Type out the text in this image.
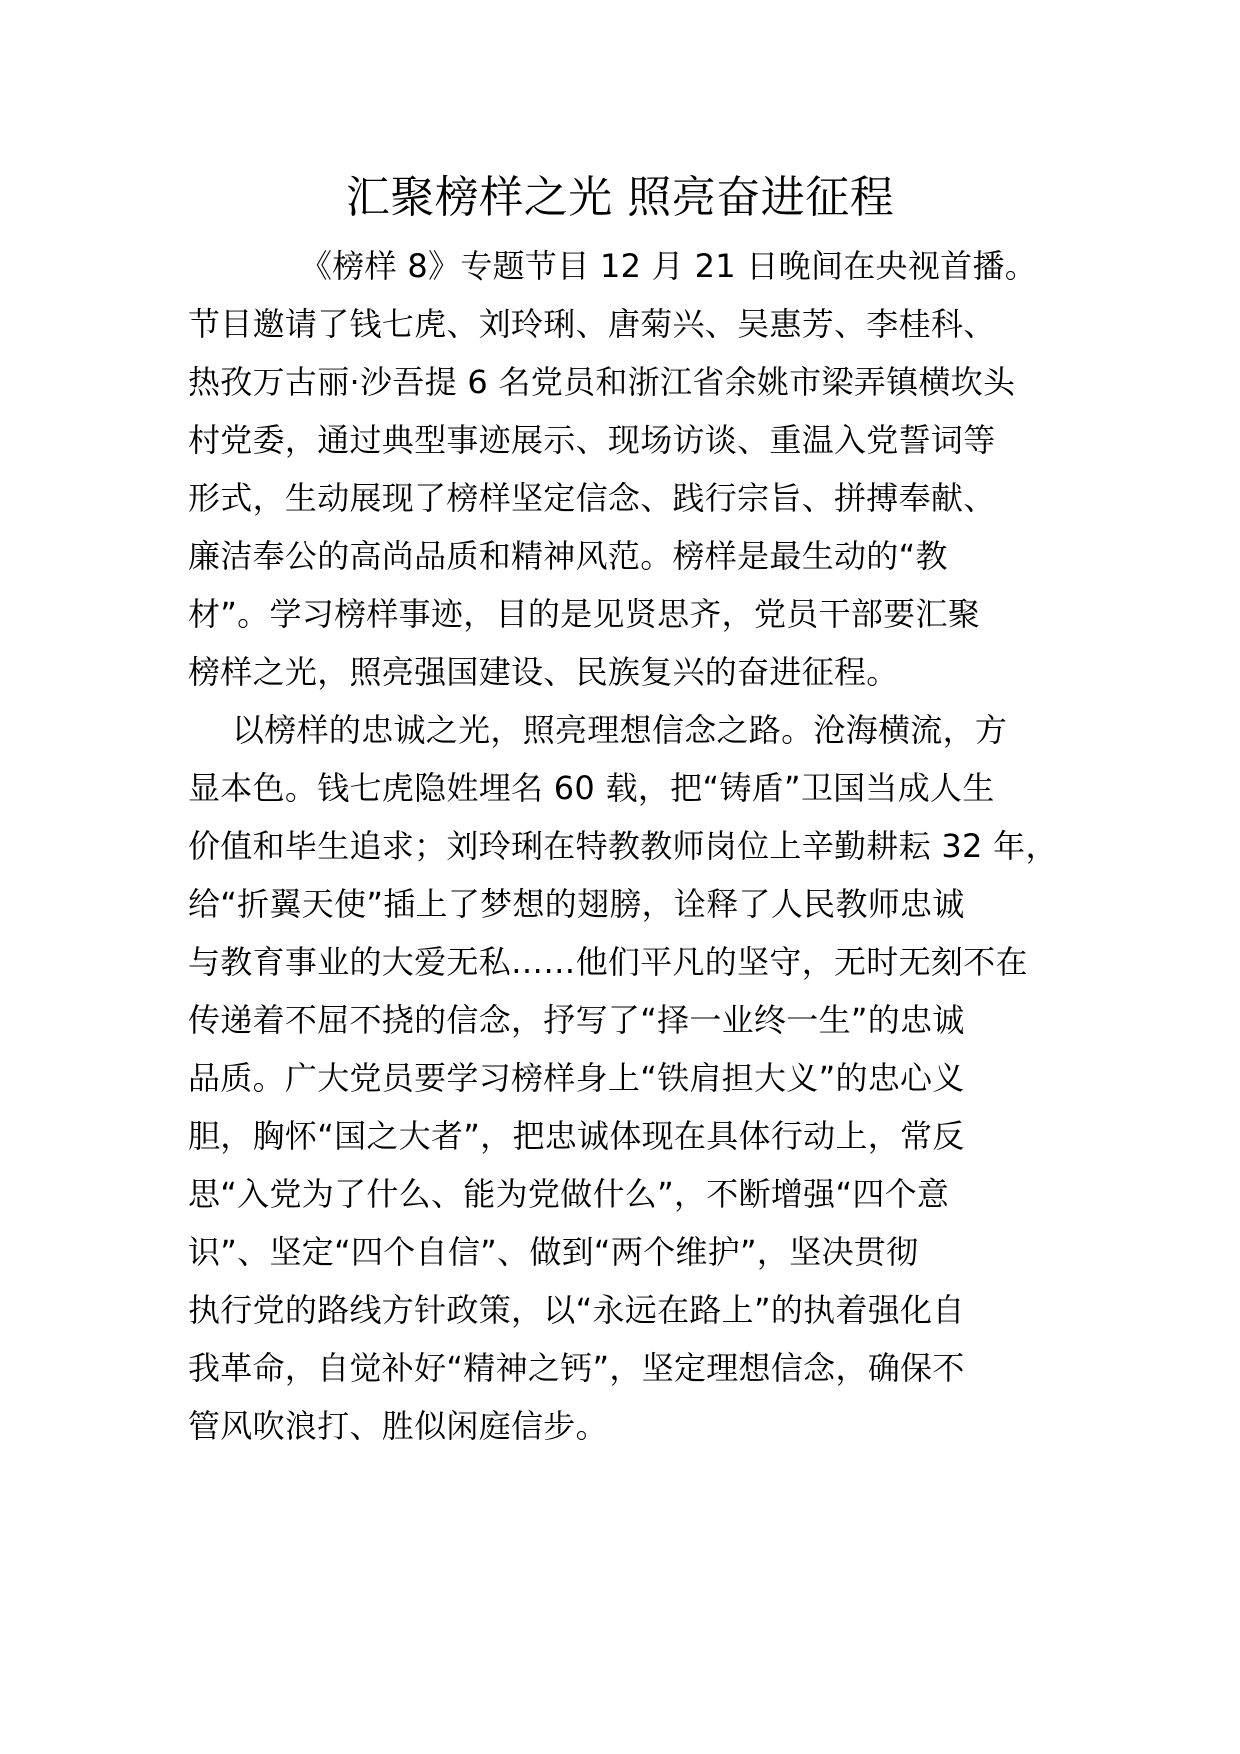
汇聚榜样之光 照亮奋进征程
《榜样 8》专题节目 12 月 21 日晚间在央视首播。
节目邀请了钱七虎、刘玲琍、唐菊兴、吴惠芳、李桂科、
热孜万古丽·沙吾提 6 名党员和浙江省余姚市梁弄镇横坎头
村党委，通过典型事迹展示、现场访谈、重温入党誓词等
形式，生动展现了榜样坚定信念、践行宗旨、拼搏奉献、
廉洁奉公的高尚品质和精神风范。榜样是最生动的“教
材”。学习榜样事迹，目的是见贤思齐，党员干部要汇聚
榜样之光，照亮强国建设、民族复兴的奋进征程。
以榜样的忠诚之光，照亮理想信念之路。沧海横流，方
显本色。钱七虎隐姓埋名 60 载，把“铸盾”卫国当成人生
价值和毕生追求；刘玲琍在特教教师岗位上辛勤耕耘 32 年，
给“折翼天使”插上了梦想的翅膀，诠释了人民教师忠诚
与教育事业的大爱无私……他们平凡的坚守，无时无刻不在
传递着不屈不挠的信念，抒写了“择一业终一生”的忠诚
品质。广大党员要学习榜样身上“铁肩担大义”的忠心义
胆，胸怀“国之大者”，把忠诚体现在具体行动上，常反
思“入党为了什么、能为党做什么”，不断增强“四个意
识”、坚定“四个自信”、做到“两个维护”，坚决贯彻
执行党的路线方针政策，以“永远在路上”的执着强化自
我革命，自觉补好“精神之钙”，坚定理想信念，确保不
管风吹浪打、胜似闲庭信步。
